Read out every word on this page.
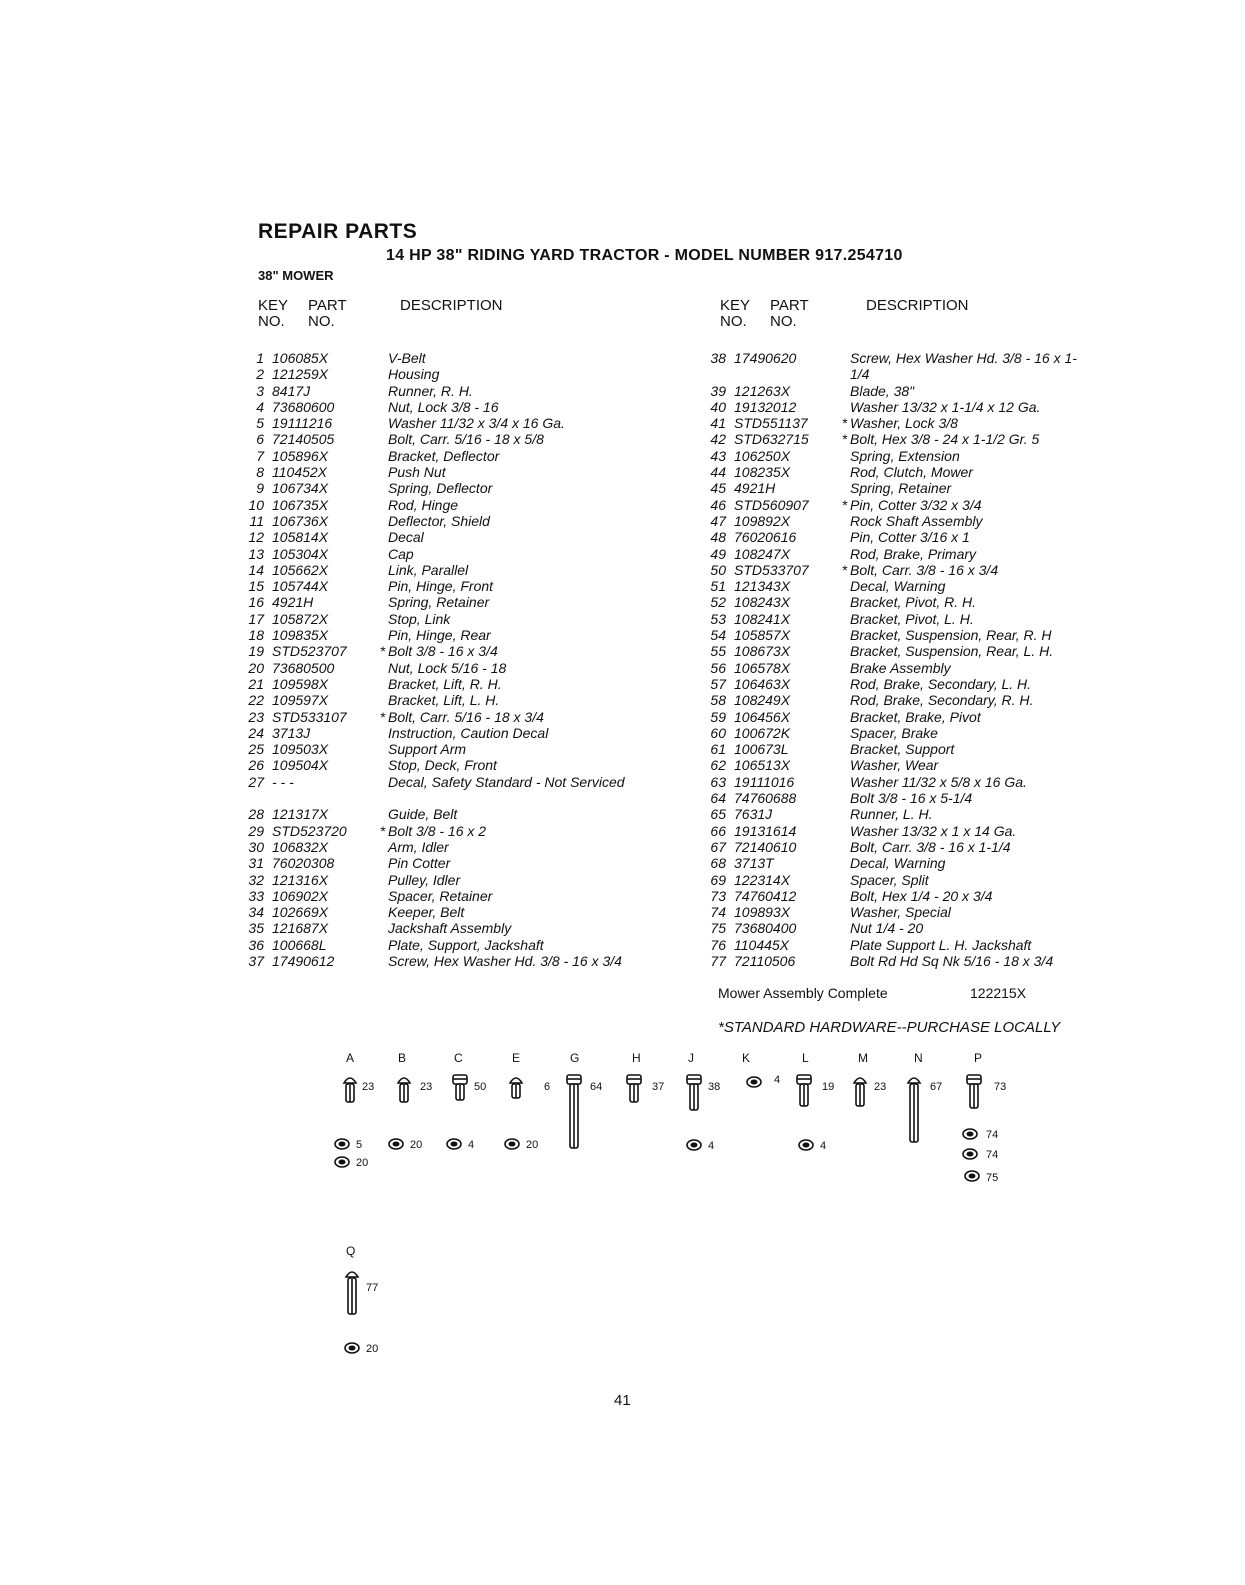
REPAIR PARTS
14 HP 38" RIDING YARD TRACTOR - MODEL NUMBER 917.254710
38" MOWER
KEY
NO.
PART
NO.
DESCRIPTION	KEY
NO.
PART
NO.
DESCRIPTION
1 106085X	V-Belt
2 121259X	Housing
3 8417J	Runner, R. H.
4 73680600	Nut, Lock 3/8 - 16
5 19111216	Washer 11/32 x 3/4 x 16 Ga.
6 72140505	Bolt, Carr. 5/16 - 18 x 5/8
7 105896X	Bracket, Deflector
8 110452X	Push Nut
9 106734X	Spring, Deflector
10 106735X	Rod, Hinge
11 106736X	Deflector, Shield
12 105814X	Decal
13 105304X	Cap
14 105662X	Link, Parallel
15 105744X	Pin, Hinge, Front
16 4921H	Spring, Retainer
17 105872X	Stop, Link
18 109835X	Pin, Hinge, Rear
19 STD523707 * Bolt 3/8 - 16 x 3/4
20 73680500	Nut, Lock 5/16 - 18
21 109598X	Bracket, Lift, R. H.
22 109597X	Bracket, Lift, L. H.
23 STD533107 * Bolt, Carr. 5/16 - 18 x 3/4
24 3713J	Instruction, Caution Decal
25 109503X	Support Arm
26 109504X	Stop, Deck, Front
27 - - -	Decal, Safety Standard - Not Serviced
28 121317X	Guide, Belt
29 STD523720 * Bolt 3/8 - 16 x 2
30 106832X	Arm, Idler
31 76020308	Pin Cotter
32 121316X	Pulley, Idler
33 106902X	Spacer, Retainer
34 102669X	Keeper, Belt
35 121687X	Jackshaft Assembly
36 100668L	Plate, Support, Jackshaft
37 17490612	Screw, Hex Washer Hd. 3/8 - 16 x 3/4
38 17490620	Screw, Hex Washer Hd. 3/8 - 16 x 1-1/4
39 121263X	Blade, 38"
40 19132012	Washer 13/32 x 1-1/4 x 12 Ga.
41 STD551137 * Washer, Lock 3/8
42 STD632715 * Bolt, Hex 3/8 - 24 x 1-1/2 Gr. 5
43 106250X	Spring, Extension
44 108235X	Rod, Clutch, Mower
45 4921H	Spring, Retainer
46 STD560907 * Pin, Cotter 3/32 x 3/4
47 109892X	Rock Shaft Assembly
48 76020616	Pin, Cotter 3/16 x 1
49 108247X	Rod, Brake, Primary
50 STD533707 * Bolt, Carr. 3/8 - 16 x 3/4
51 121343X	Decal, Warning
52 108243X	Bracket, Pivot, R. H.
53 108241X	Bracket, Pivot, L. H.
54 105857X	Bracket, Suspension, Rear, R. H
55 108673X	Bracket, Suspension, Rear, L. H.
56 106578X	Brake Assembly
57 106463X	Rod, Brake, Secondary, L. H.
58 108249X	Rod, Brake, Secondary, R. H.
59 106456X	Bracket, Brake, Pivot
60 100672K	Spacer, Brake
61 100673L	Bracket, Support
62 106513X	Washer, Wear
63 19111016	Washer 11/32 x 5/8 x 16 Ga.
64 74760688	Bolt 3/8 - 16 x 5-1/4
65 7631J	Runner, L. H.
66 19131614	Washer 13/32 x 1 x 14 Ga.
67 72140610	Bolt, Carr. 3/8 - 16 x 1-1/4
68 3713T	Decal, Warning
69 122314X	Spacer, Split
73 74760412	Bolt, Hex 1/4 - 20 x 3/4
74 109893X	Washer, Special
75 73680400	Nut 1/4 - 20
76 110445X	Plate Support L. H. Jackshaft
77 72110506	Bolt Rd Hd Sq Nk 5/16 - 18 x 3/4
Mower Assembly Complete	122215X
*STANDARD HARDWARE--PURCHASE LOCALLY
A	B	C	E	G	H	J	K	L	M	N	P
Q
23	23	50	6	64	37	38	19	23	67	73
4
77
5
20
20	4	20	4	4
74
74
75
20
41
